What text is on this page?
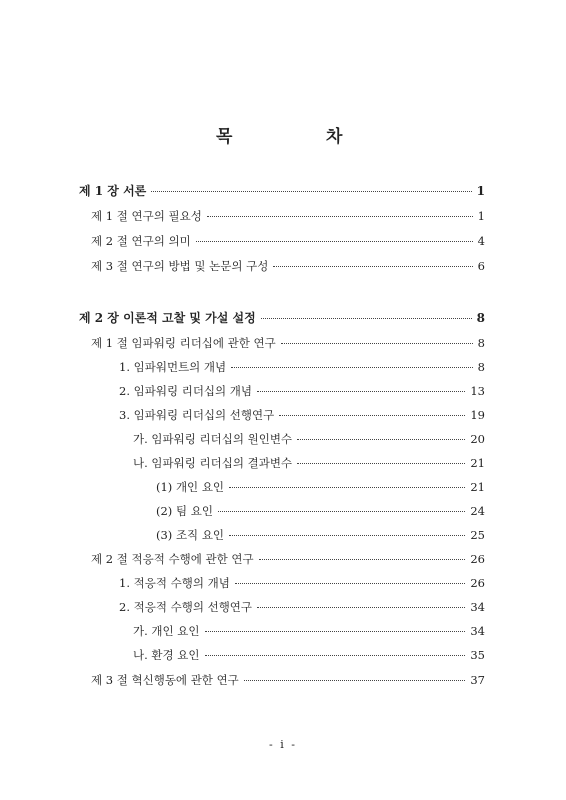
목	차
제 1 장 서론	1
제 1 절 연구의 필요성	1
제 2 절 연구의 의미	4
제 3 절 연구의 방법 및 논문의 구성	6
제 2 장 이론적 고찰 및 가설 설정	8
제 1 절 임파워링 리더십에 관한 연구	8
1. 임파워먼트의 개념	8
2. 임파워링 리더십의 개념	13
3. 임파워링 리더십의 선행연구	19
가. 임파워링 리더십의 원인변수	20
나. 임파워링 리더십의 결과변수	21
(1) 개인 요인	21
(2) 팀 요인	24
(3) 조직 요인	25
제 2 절 적응적 수행에 관한 연구	26
1. 적응적 수행의 개념	26
2. 적응적 수행의 선행연구	34
가. 개인 요인	34
나. 환경 요인	35
제 3 절 혁신행동에 관한 연구	37
- i -
